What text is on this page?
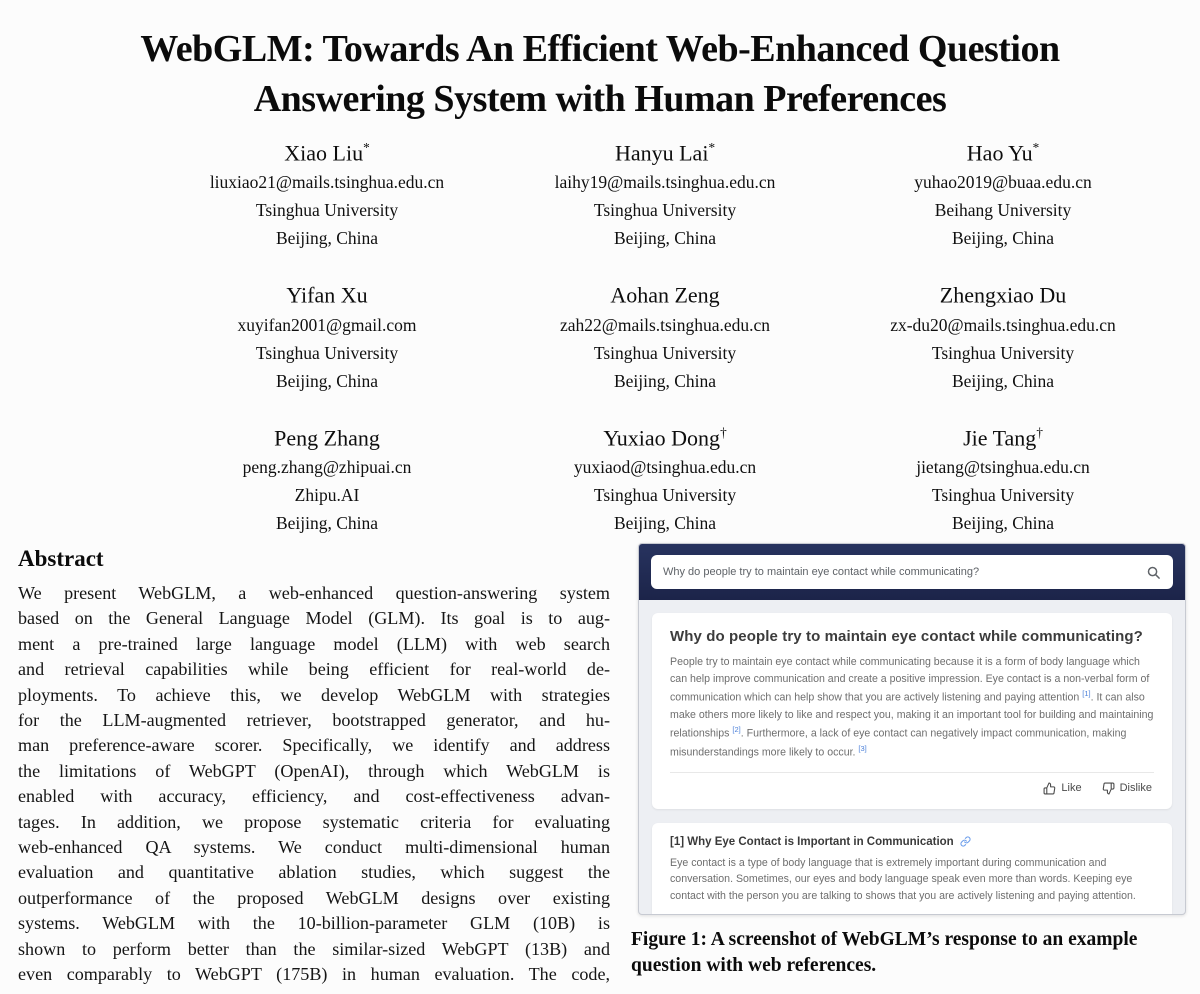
WebGLM: Towards An Efficient Web-Enhanced Question
Answering System with Human Preferences
Xiao Liu*
liuxiao21@mails.tsinghua.edu.cn
Tsinghua University
Beijing, China
Hanyu Lai*
laihy19@mails.tsinghua.edu.cn
Tsinghua University
Beijing, China
Hao Yu*
yuhao2019@buaa.edu.cn
Beihang University
Beijing, China
Yifan Xu
xuyifan2001@gmail.com
Tsinghua University
Beijing, China
Aohan Zeng
zah22@mails.tsinghua.edu.cn
Tsinghua University
Beijing, China
Zhengxiao Du
zx-du20@mails.tsinghua.edu.cn
Tsinghua University
Beijing, China
Peng Zhang
peng.zhang@zhipuai.cn
Zhipu.AI
Beijing, China
Yuxiao Dong†
yuxiaod@tsinghua.edu.cn
Tsinghua University
Beijing, China
Jie Tang†
jietang@tsinghua.edu.cn
Tsinghua University
Beijing, China
Abstract
We present WebGLM, a web-enhanced question-answering system
based on the General Language Model (GLM). Its goal is to aug-
ment a pre-trained large language model (LLM) with web search
and retrieval capabilities while being efficient for real-world de-
ployments. To achieve this, we develop WebGLM with strategies
for the LLM-augmented retriever, bootstrapped generator, and hu-
man preference-aware scorer. Specifically, we identify and address
the limitations of WebGPT (OpenAI), through which WebGLM is
enabled with accuracy, efficiency, and cost-effectiveness advan-
tages. In addition, we propose systematic criteria for evaluating
web-enhanced QA systems. We conduct multi-dimensional human
evaluation and quantitative ablation studies, which suggest the
outperformance of the proposed WebGLM designs over existing
systems. WebGLM with the 10-billion-parameter GLM (10B) is
shown to perform better than the similar-sized WebGPT (13B) and
even comparably to WebGPT (175B) in human evaluation. The code,
Why do people try to maintain eye contact while communicating?
Why do people try to maintain eye contact while communicating?
People try to maintain eye contact while communicating because it is a form of body language which can help improve communication and create a positive impression. Eye contact is a non-verbal form of communication which can help show that you are actively listening and paying attention [1]. It can also make others more likely to like and respect you, making it an important tool for building and maintaining relationships [2]. Furthermore, a lack of eye contact can negatively impact communication, making misunderstandings more likely to occur. [3]
Like	Dislike
[1] Why Eye Contact is Important in Communication
Eye contact is a type of body language that is extremely important during communication and conversation. Sometimes, our eyes and body language speak even more than words. Keeping eye contact with the person you are talking to shows that you are actively listening and paying attention.
Figure 1: A screenshot of WebGLM’s response to an example question with web references.
